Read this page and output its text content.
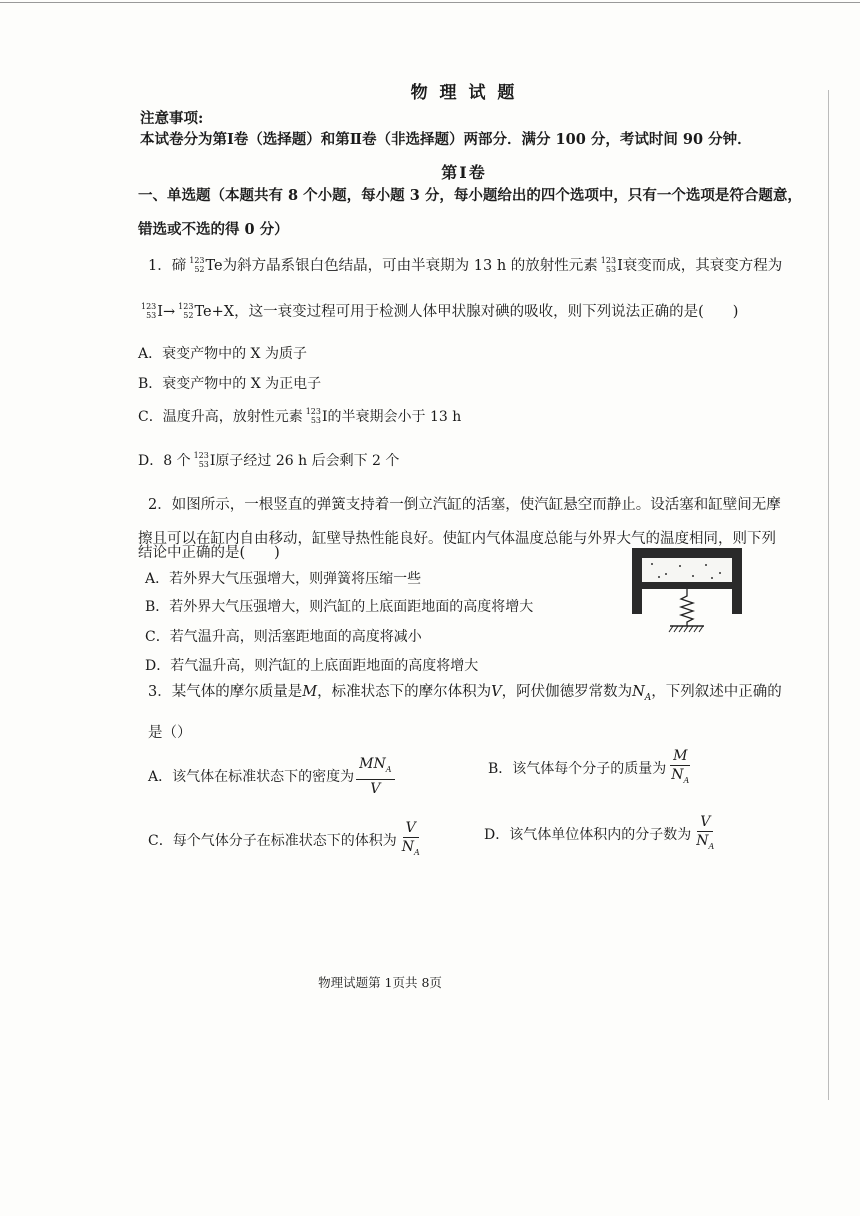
物 理 试 题
注意事项:
本试卷分为第Ⅰ卷（选择题）和第Ⅱ卷（非选择题）两部分．满分 100 分，考试时间 90 分钟．
第Ⅰ卷
一、单选题（本题共有 8 个小题，每小题 3 分，每小题给出的四个选项中，只有一个选项是符合题意，
错选或不选的得 0 分）
1．碲 123
52 Te为斜方晶系银白色结晶，可由半衰期为 13 h 的放射性元素 123
53 I衰变而成，其衰变方程为
123
53 I→ 123
52 Te+X，这一衰变过程可用于检测人体甲状腺对碘的吸收，则下列说法正确的是(　　)
A．衰变产物中的 X 为质子
B．衰变产物中的 X 为正电子
C．温度升高，放射性元素 123
53 I的半衰期会小于 13 h
D．8 个 123
53 I原子经过 26 h 后会剩下 2 个
2．如图所示，一根竖直的弹簧支持着一倒立汽缸的活塞，使汽缸悬空而静止。设活塞和缸壁间无摩
擦且可以在缸内自由移动，缸壁导热性能良好。使缸内气体温度总能与外界大气的温度相同，则下列
结论中正确的是(　　)
A．若外界大气压强增大，则弹簧将压缩一些
B．若外界大气压强增大，则汽缸的上底面距地面的高度将增大
C．若气温升高，则活塞距地面的高度将减小
D．若气温升高，则汽缸的上底面距地面的高度将增大
3．某气体的摩尔质量是M，标准状态下的摩尔体积为V，阿伏伽德罗常数为$N_A$，下列叙述中正确的
是（）
A．该气体在标准状态下的密度为 $\frac{MN_A}{V}$	B．该气体每个分子的质量为 $\frac{M}{N_A}$
C．每个气体分子在标准状态下的体积为 $\frac{V}{N_A}$	D．该气体单位体积内的分子数为 $\frac{V}{N_A}$
物理试题第 1页共 8页
